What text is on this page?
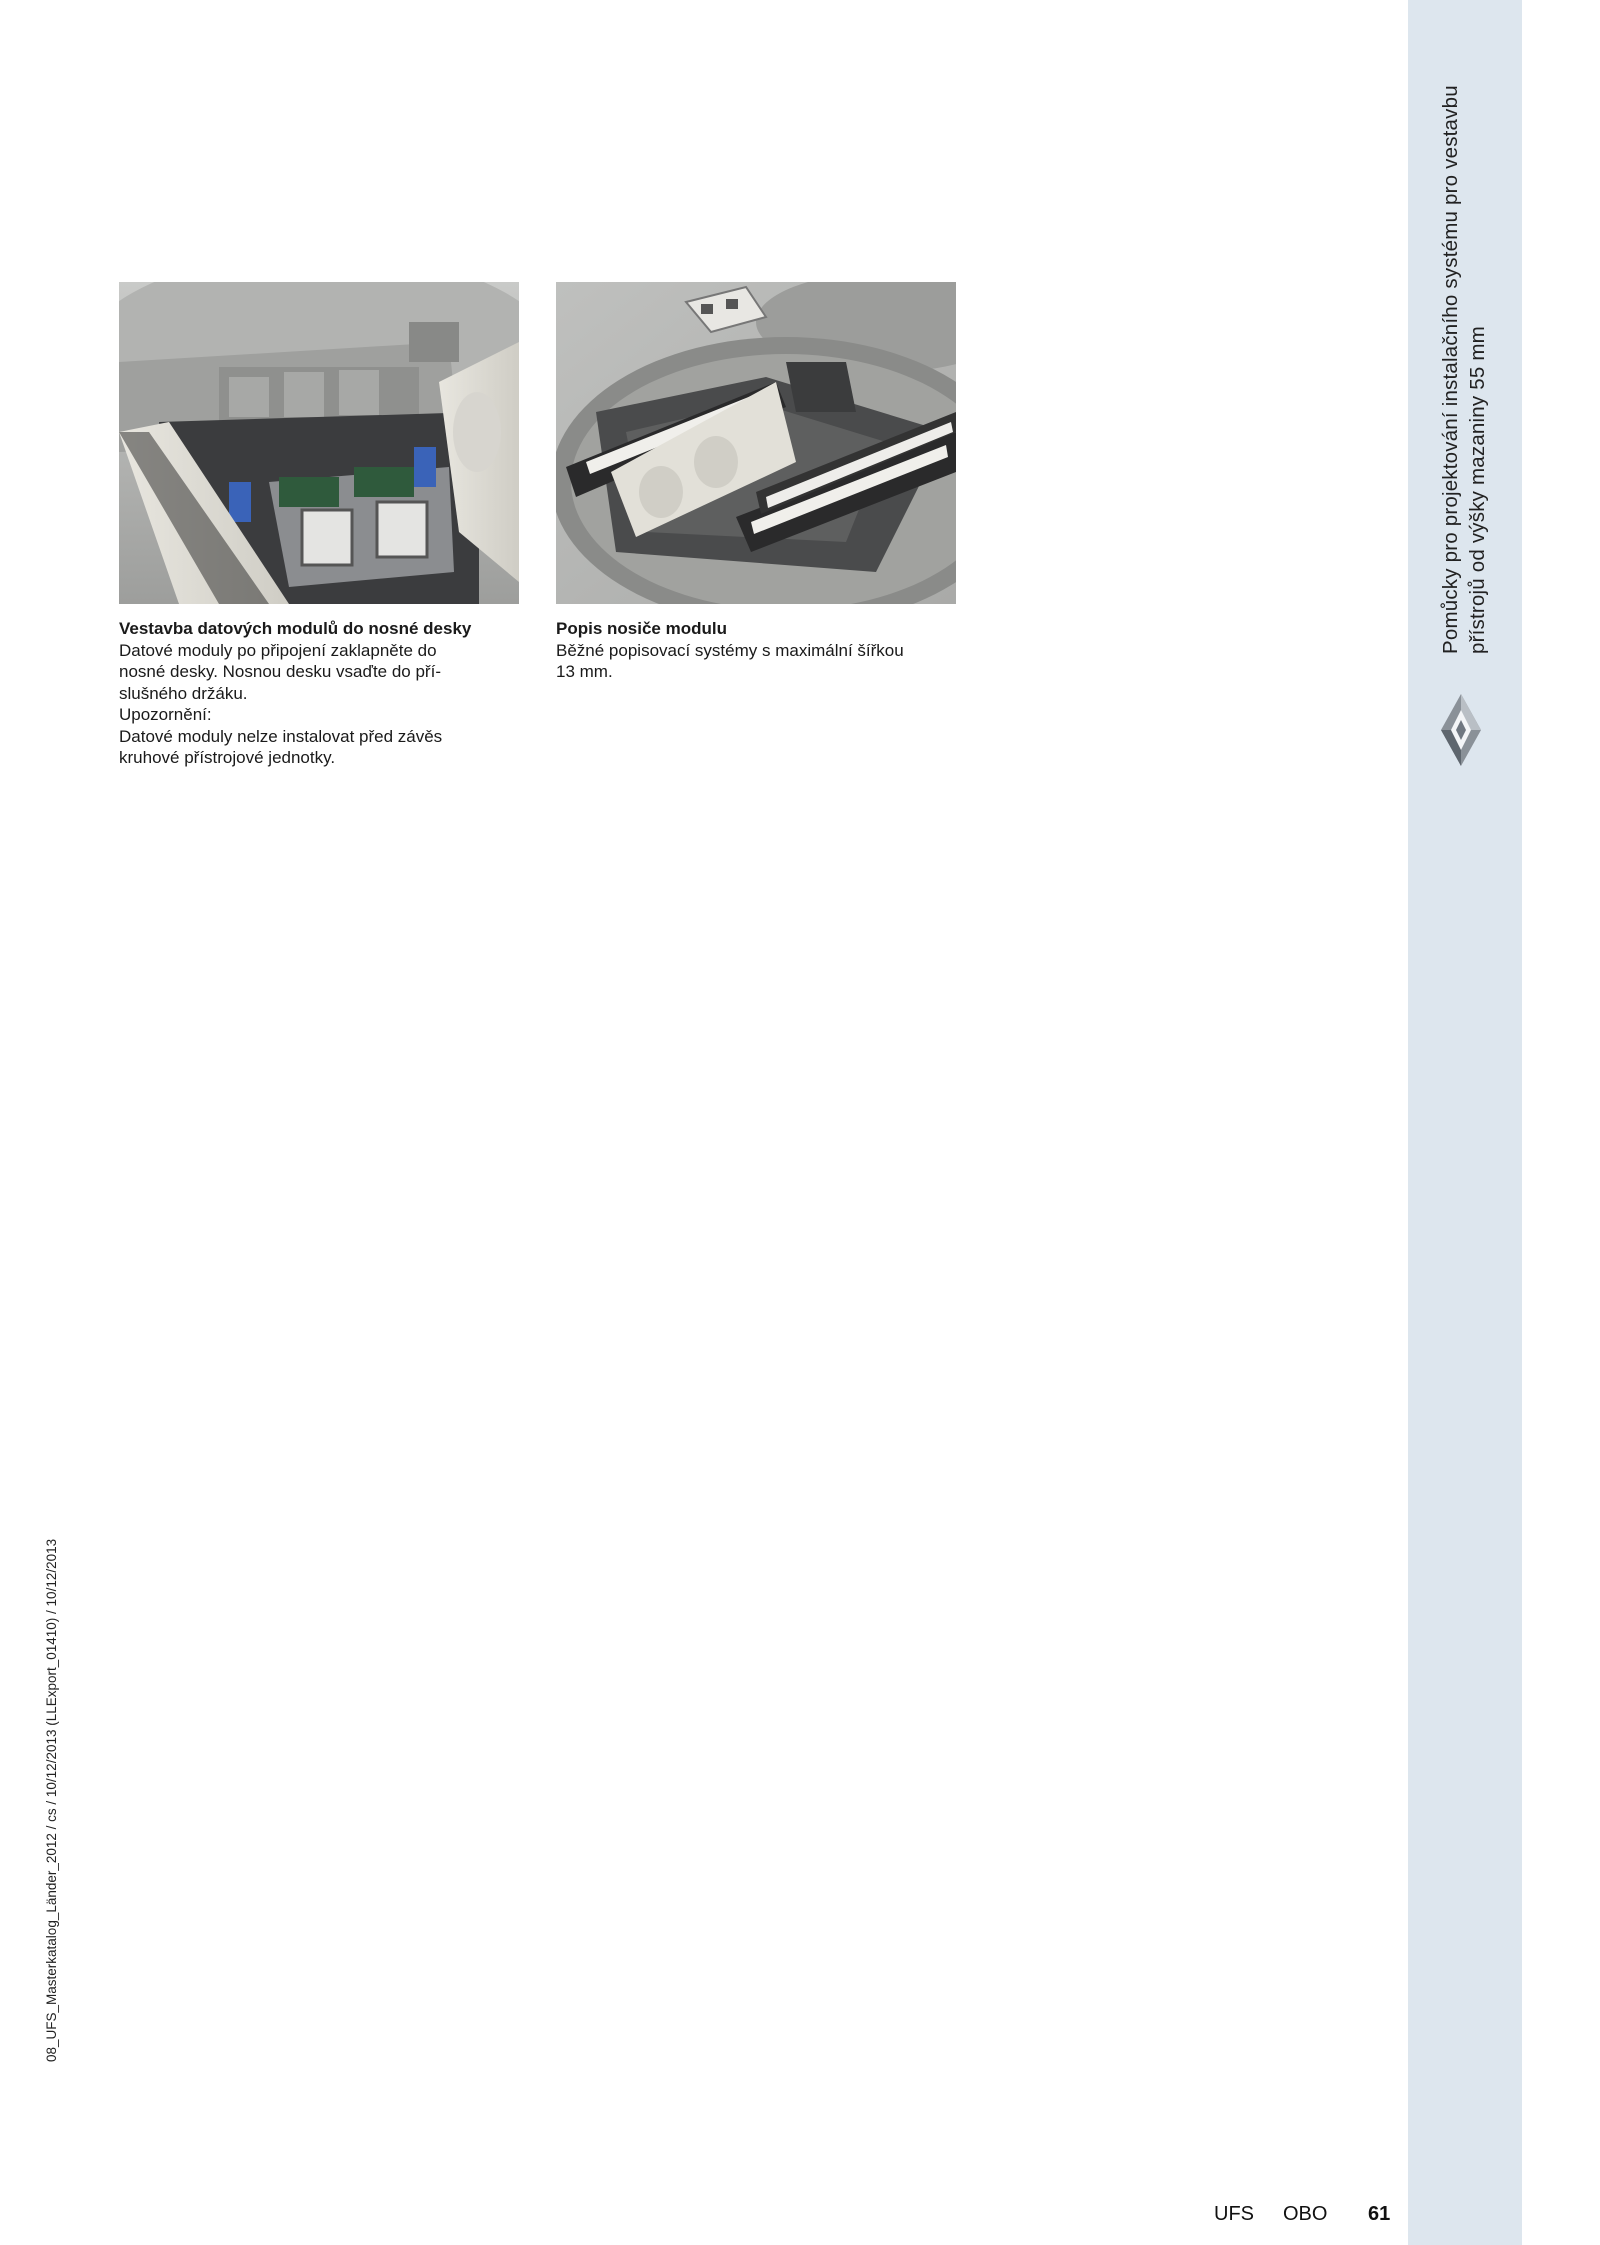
Pomůcky pro projektování instalačního systému pro vestavbu přístrojů od výšky mazaniny 55 mm
Vestavba datových modulů do nosné desky
Datové moduly po připojení zaklapněte do
nosné desky. Nosnou desku vsaďte do pří-
slušného držáku.
Upozornění:
Datové moduly nelze instalovat před závěs
kruhové přístrojové jednotky.
Popis nosiče modulu
Běžné popisovací systémy s maximální šířkou
13 mm.
08_UFS_Masterkatalog_Länder_2012 / cs / 10/12/2013 (LLExport_01410) / 10/12/2013
UFS OBO 61
